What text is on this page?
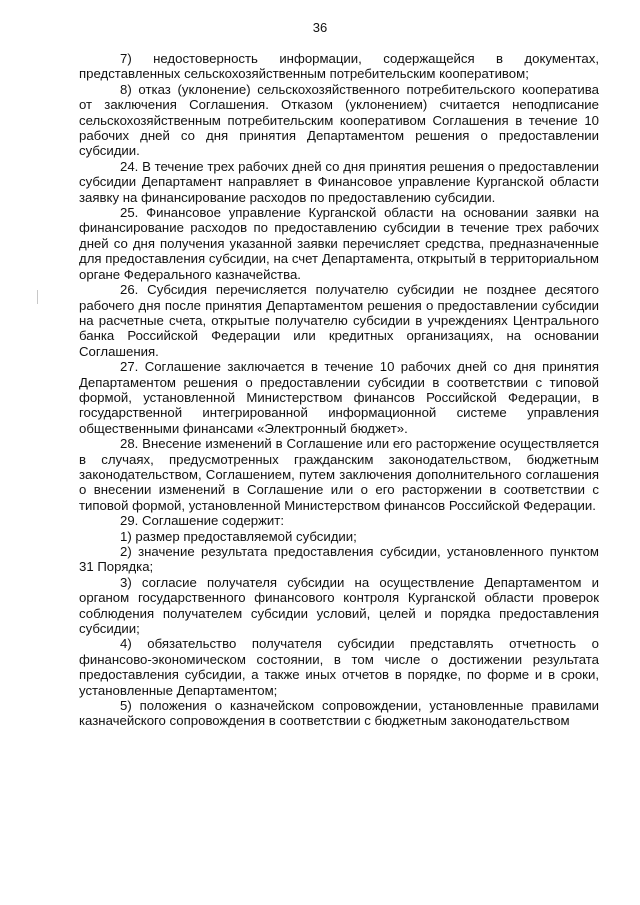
36

7) недостоверность информации, содержащейся в документах, представленных сельскохозяйственным потребительским кооперативом;

8) отказ (уклонение) сельскохозяйственного потребительского кооператива от заключения Соглашения. Отказом (уклонением) считается неподписание сельскохозяйственным потребительским кооперативом Соглашения в течение 10 рабочих дней со дня принятия Департаментом решения о предоставлении субсидии.

24. В течение трех рабочих дней со дня принятия решения о предоставлении субсидии Департамент направляет в Финансовое управление Курганской области заявку на финансирование расходов по предоставлению субсидии.

25. Финансовое управление Курганской области на основании заявки на финансирование расходов по предоставлению субсидии в течение трех рабочих дней со дня получения указанной заявки перечисляет средства, предназначенные для предоставления субсидии, на счет Департамента, открытый в территориальном органе Федерального казначейства.

26. Субсидия перечисляется получателю субсидии не позднее десятого рабочего дня после принятия Департаментом решения о предоставлении субсидии на расчетные счета, открытые получателю субсидии в учреждениях Центрального банка Российской Федерации или кредитных организациях, на основании Соглашения.

27. Соглашение заключается в течение 10 рабочих дней со дня принятия Департаментом решения о предоставлении субсидии в соответствии с типовой формой, установленной Министерством финансов Российской Федерации, в государственной интегрированной информационной системе управления общественными финансами «Электронный бюджет».

28. Внесение изменений в Соглашение или его расторжение осуществляется в случаях, предусмотренных гражданским законодательством, бюджетным законодательством, Соглашением, путем заключения дополнительного соглашения о внесении изменений в Соглашение или о его расторжении в соответствии с типовой формой, установленной Министерством финансов Российской Федерации.

29. Соглашение содержит:

1) размер предоставляемой субсидии;

2) значение результата предоставления субсидии, установленного пунктом 31 Порядка;

3) согласие получателя субсидии на осуществление Департаментом и органом государственного финансового контроля Курганской области проверок соблюдения получателем субсидии условий, целей и порядка предоставления субсидии;

4) обязательство получателя субсидии представлять отчетность о финансово-экономическом состоянии, в том числе о достижении результата предоставления субсидии, а также иных отчетов в порядке, по форме и в сроки, установленные Департаментом;

5) положения о казначейском сопровождении, установленные правилами казначейского сопровождения в соответствии с бюджетным законодательством
